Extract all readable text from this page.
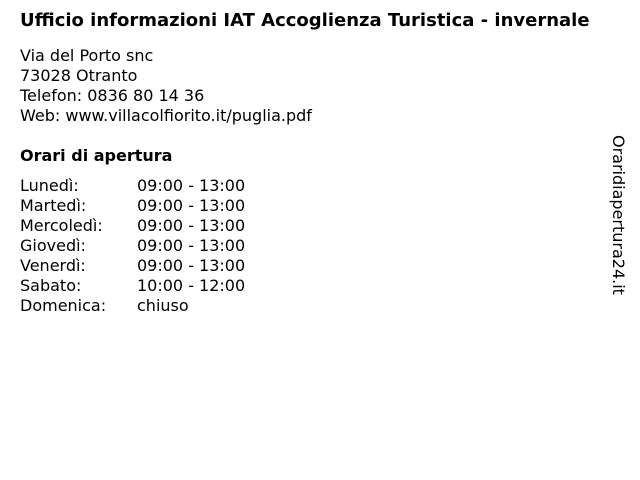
Ufficio informazioni IAT Accoglienza Turistica - invernale
Via del Porto snc
73028 Otranto
Telefon: 0836 80 14 36
Web: www.villacolfiorito.it/puglia.pdf
Orari di apertura
Lunedì:	09:00 - 13:00
Martedì:	09:00 - 13:00
Mercoledì:	09:00 - 13:00
Giovedì:	09:00 - 13:00
Venerdì:	09:00 - 13:00
Sabato:	10:00 - 12:00
Domenica:	chiuso
Oraridiapertura24.it
